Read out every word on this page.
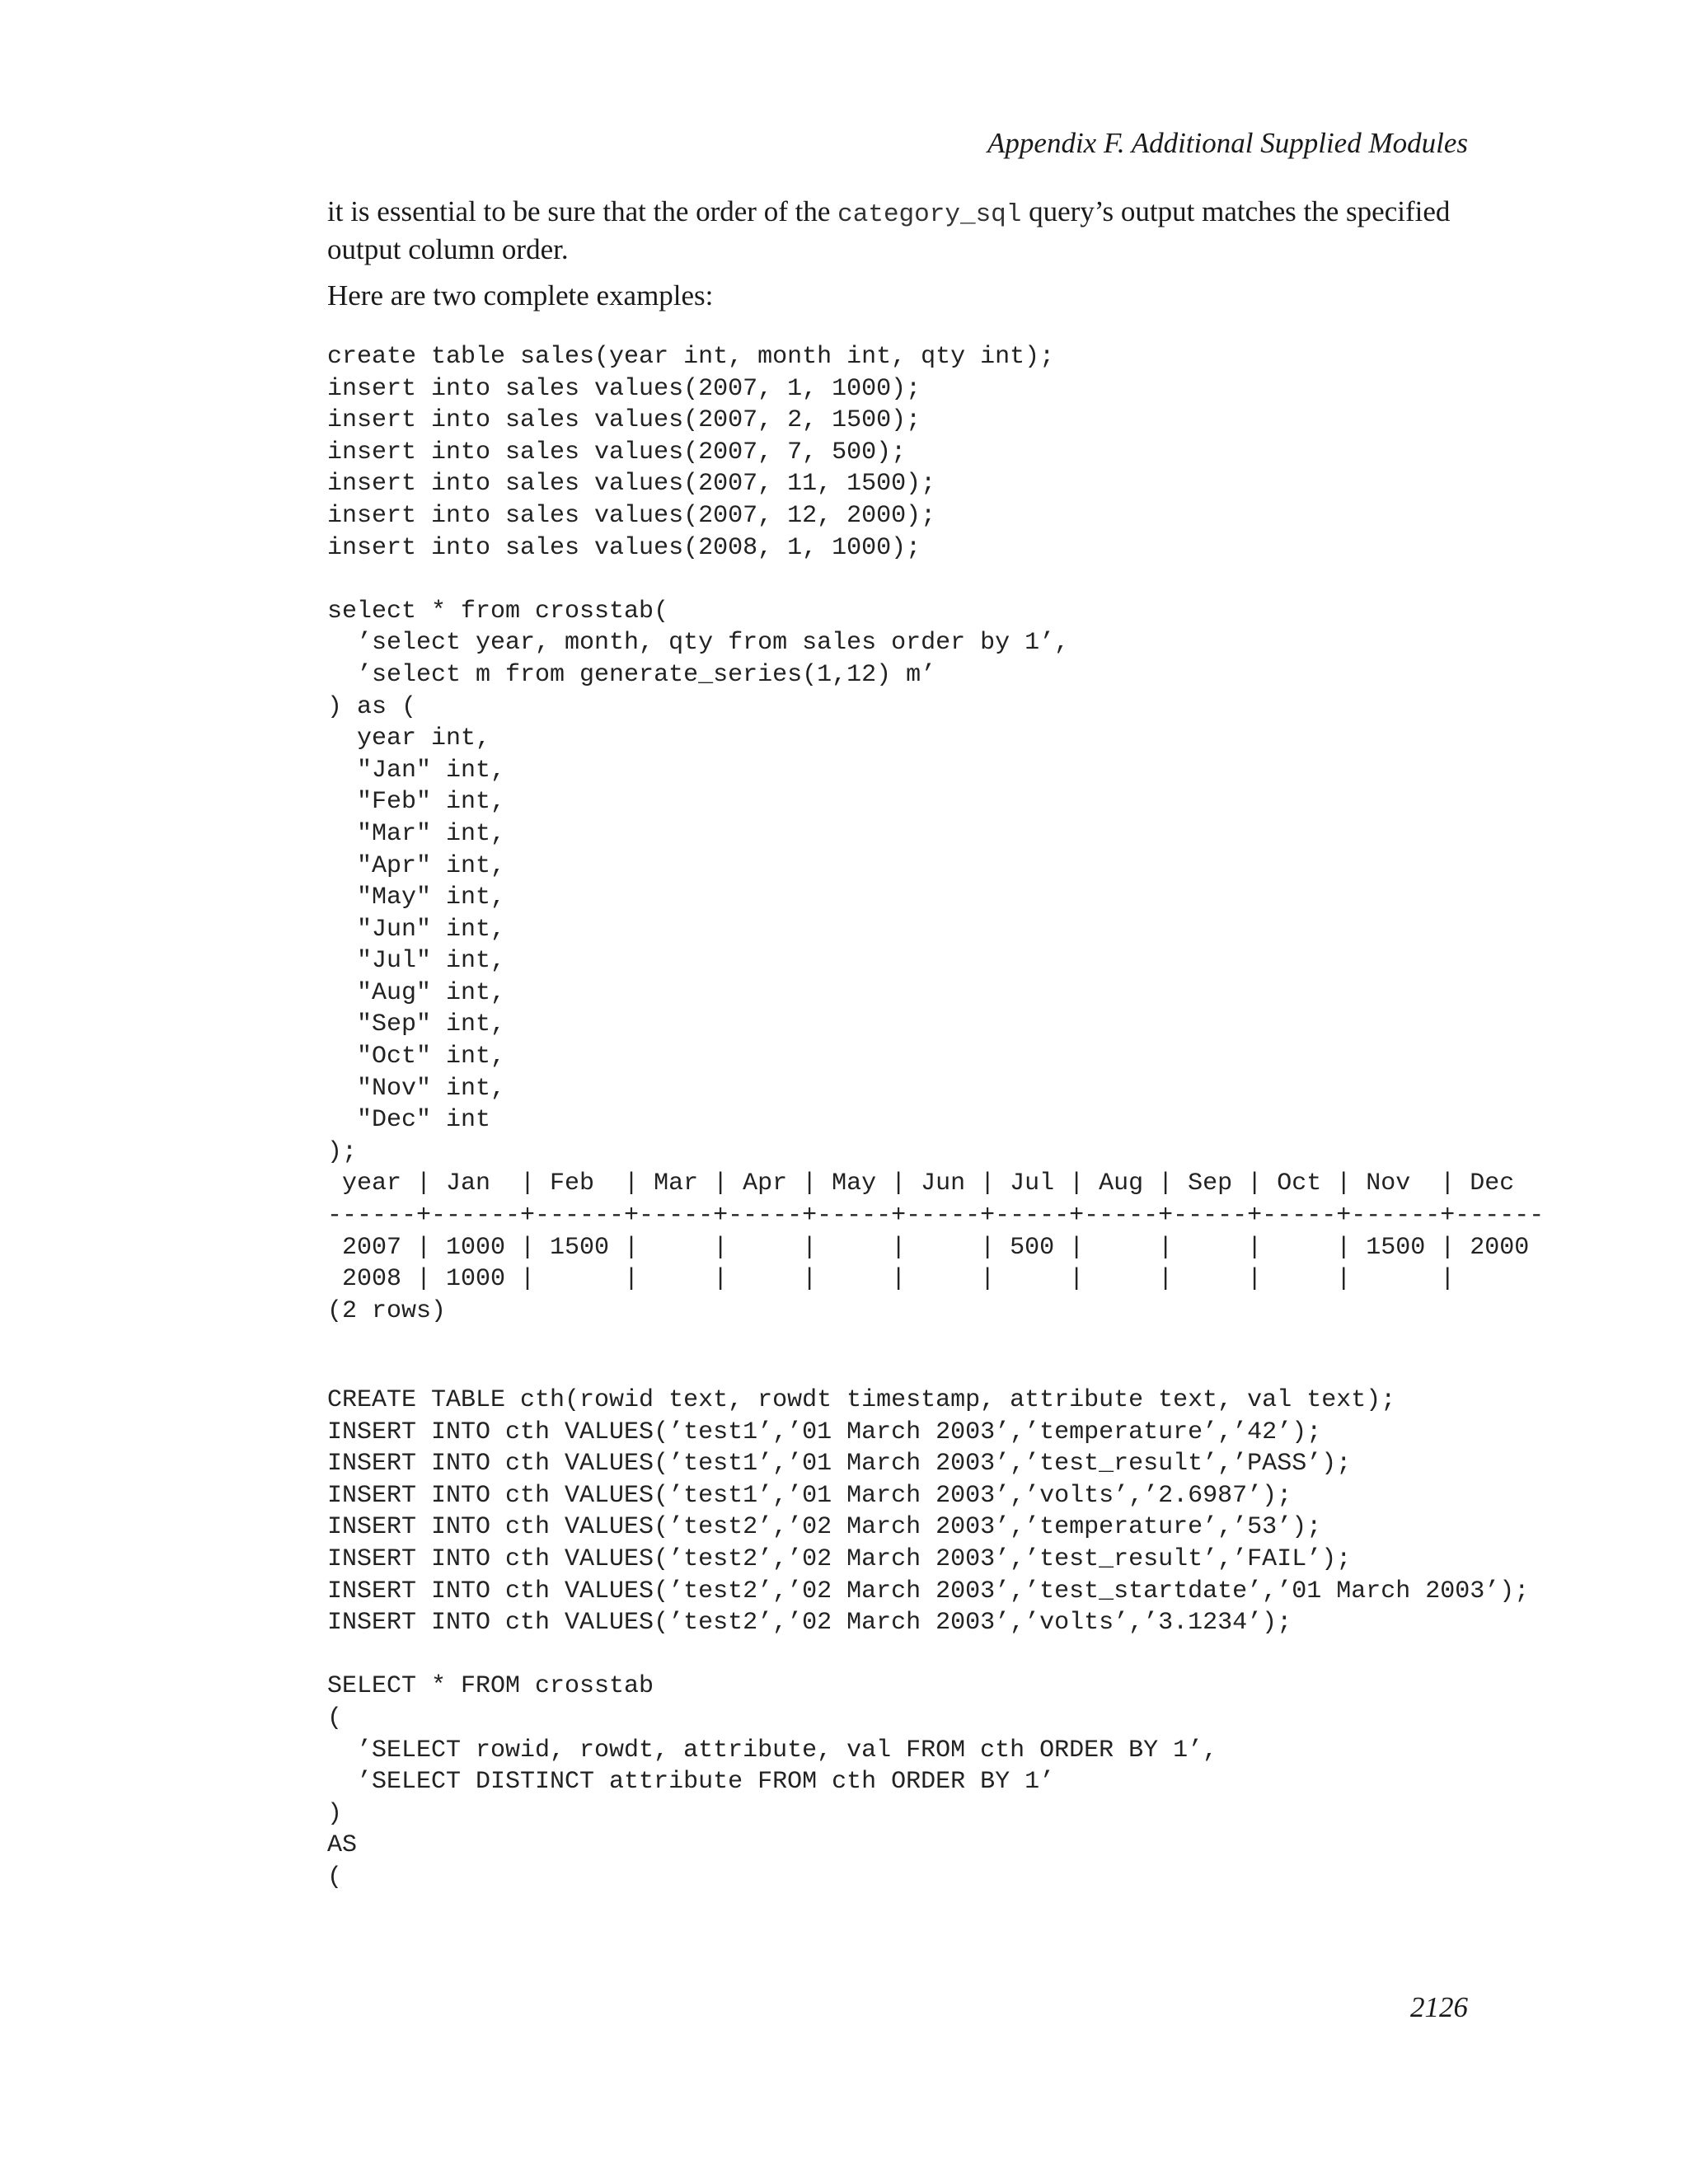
Appendix F. Additional Supplied Modules

it is essential to be sure that the order of the category_sql query’s output matches the specified output column order.

Here are two complete examples:

create table sales(year int, month int, qty int);
insert into sales values(2007, 1, 1000);
insert into sales values(2007, 2, 1500);
insert into sales values(2007, 7, 500);
insert into sales values(2007, 11, 1500);
insert into sales values(2007, 12, 2000);
insert into sales values(2008, 1, 1000);

select * from crosstab(
’select year, month, qty from sales order by 1’,
’select m from generate_series(1,12) m’
) as (
year int,
"Jan" int,
"Feb" int,
"Mar" int,
"Apr" int,
"May" int,
"Jun" int,
"Jul" int,
"Aug" int,
"Sep" int,
"Oct" int,
"Nov" int,
"Dec" int
);
year | Jan  | Feb  | Mar | Apr | May | Jun | Jul | Aug | Sep | Oct | Nov  | Dec
------+------+------+-----+-----+-----+-----+-----+-----+-----+-----+------+------
2007 | 1000 | 1500 |     |     |     |     | 500 |     |     |     | 1500 | 2000
2008 | 1000 |      |     |     |     |     |     |     |     |     |      |
(2 rows)
CREATE TABLE cth(rowid text, rowdt timestamp, attribute text, val text);
INSERT INTO cth VALUES(’test1’,’01 March 2003’,’temperature’,’42’);
INSERT INTO cth VALUES(’test1’,’01 March 2003’,’test_result’,’PASS’);
INSERT INTO cth VALUES(’test1’,’01 March 2003’,’volts’,’2.6987’);
INSERT INTO cth VALUES(’test2’,’02 March 2003’,’temperature’,’53’);
INSERT INTO cth VALUES(’test2’,’02 March 2003’,’test_result’,’FAIL’);
INSERT INTO cth VALUES(’test2’,’02 March 2003’,’test_startdate’,’01 March 2003’);
INSERT INTO cth VALUES(’test2’,’02 March 2003’,’volts’,’3.1234’);

SELECT * FROM crosstab
(
’SELECT rowid, rowdt, attribute, val FROM cth ORDER BY 1’,
’SELECT DISTINCT attribute FROM cth ORDER BY 1’
)
AS
(
2126
